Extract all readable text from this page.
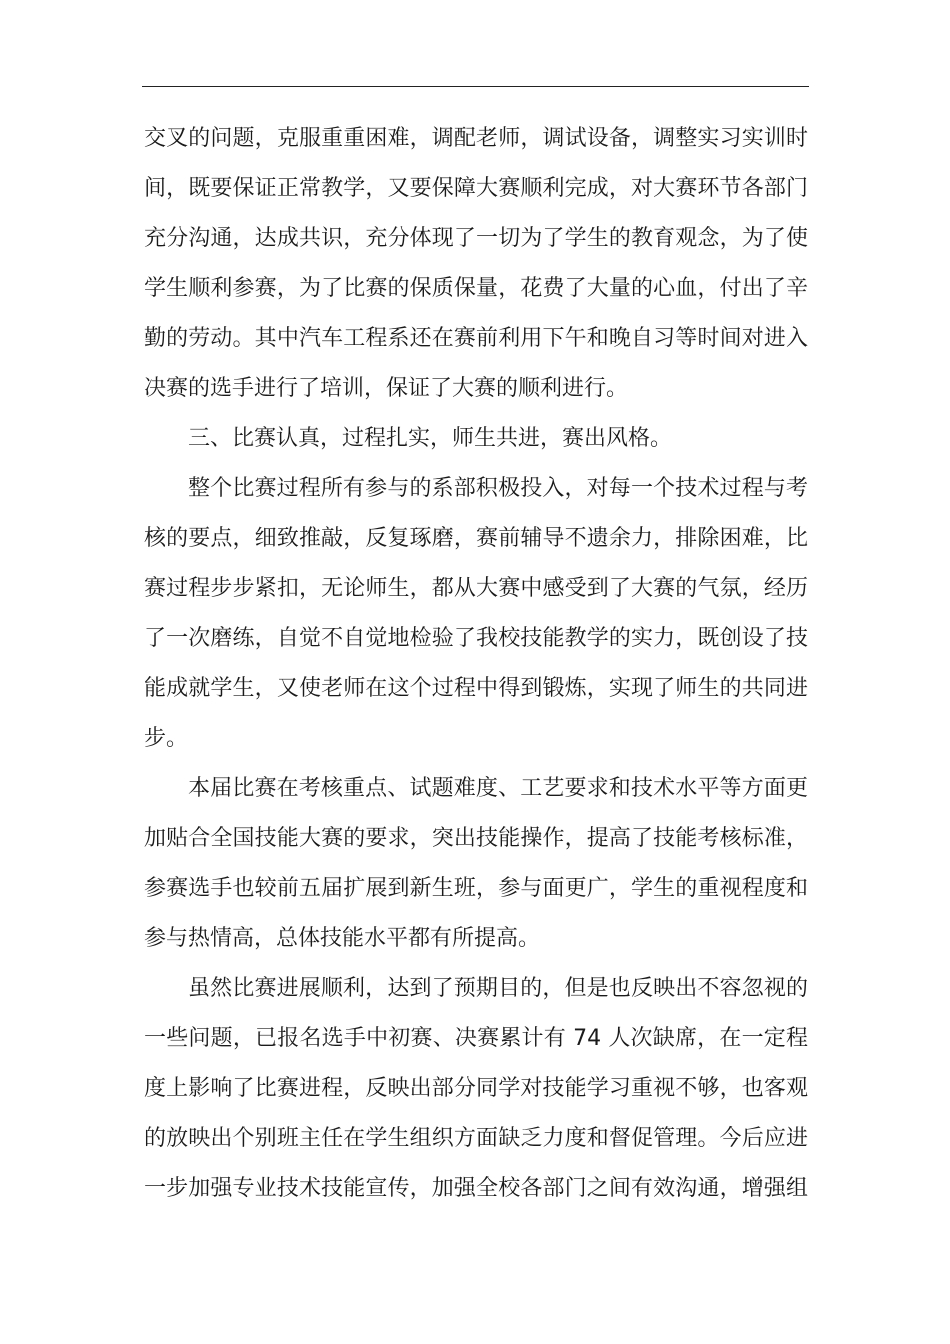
交叉的问题，克服重重困难，调配老师，调试设备，调整实习实训时
间，既要保证正常教学，又要保障大赛顺利完成，对大赛环节各部门
充分沟通，达成共识，充分体现了一切为了学生的教育观念，为了使
学生顺利参赛，为了比赛的保质保量，花费了大量的心血，付出了辛
勤的劳动。其中汽车工程系还在赛前利用下午和晚自习等时间对进入
决赛的选手进行了培训，保证了大赛的顺利进行。
三、比赛认真，过程扎实，师生共进，赛出风格。
整个比赛过程所有参与的系部积极投入，对每一个技术过程与考
核的要点，细致推敲，反复琢磨，赛前辅导不遗余力，排除困难，比
赛过程步步紧扣，无论师生，都从大赛中感受到了大赛的气氛，经历
了一次磨练，自觉不自觉地检验了我校技能教学的实力，既创设了技
能成就学生，又使老师在这个过程中得到锻炼，实现了师生的共同进
步。
本届比赛在考核重点、试题难度、工艺要求和技术水平等方面更
加贴合全国技能大赛的要求，突出技能操作，提高了技能考核标准，
参赛选手也较前五届扩展到新生班，参与面更广，学生的重视程度和
参与热情高，总体技能水平都有所提高。
虽然比赛进展顺利，达到了预期目的，但是也反映出不容忽视的
一些问题，已报名选手中初赛、决赛累计有 74 人次缺席，在一定程
度上影响了比赛进程，反映出部分同学对技能学习重视不够，也客观
的放映出个别班主任在学生组织方面缺乏力度和督促管理。今后应进
一步加强专业技术技能宣传，加强全校各部门之间有效沟通，增强组
